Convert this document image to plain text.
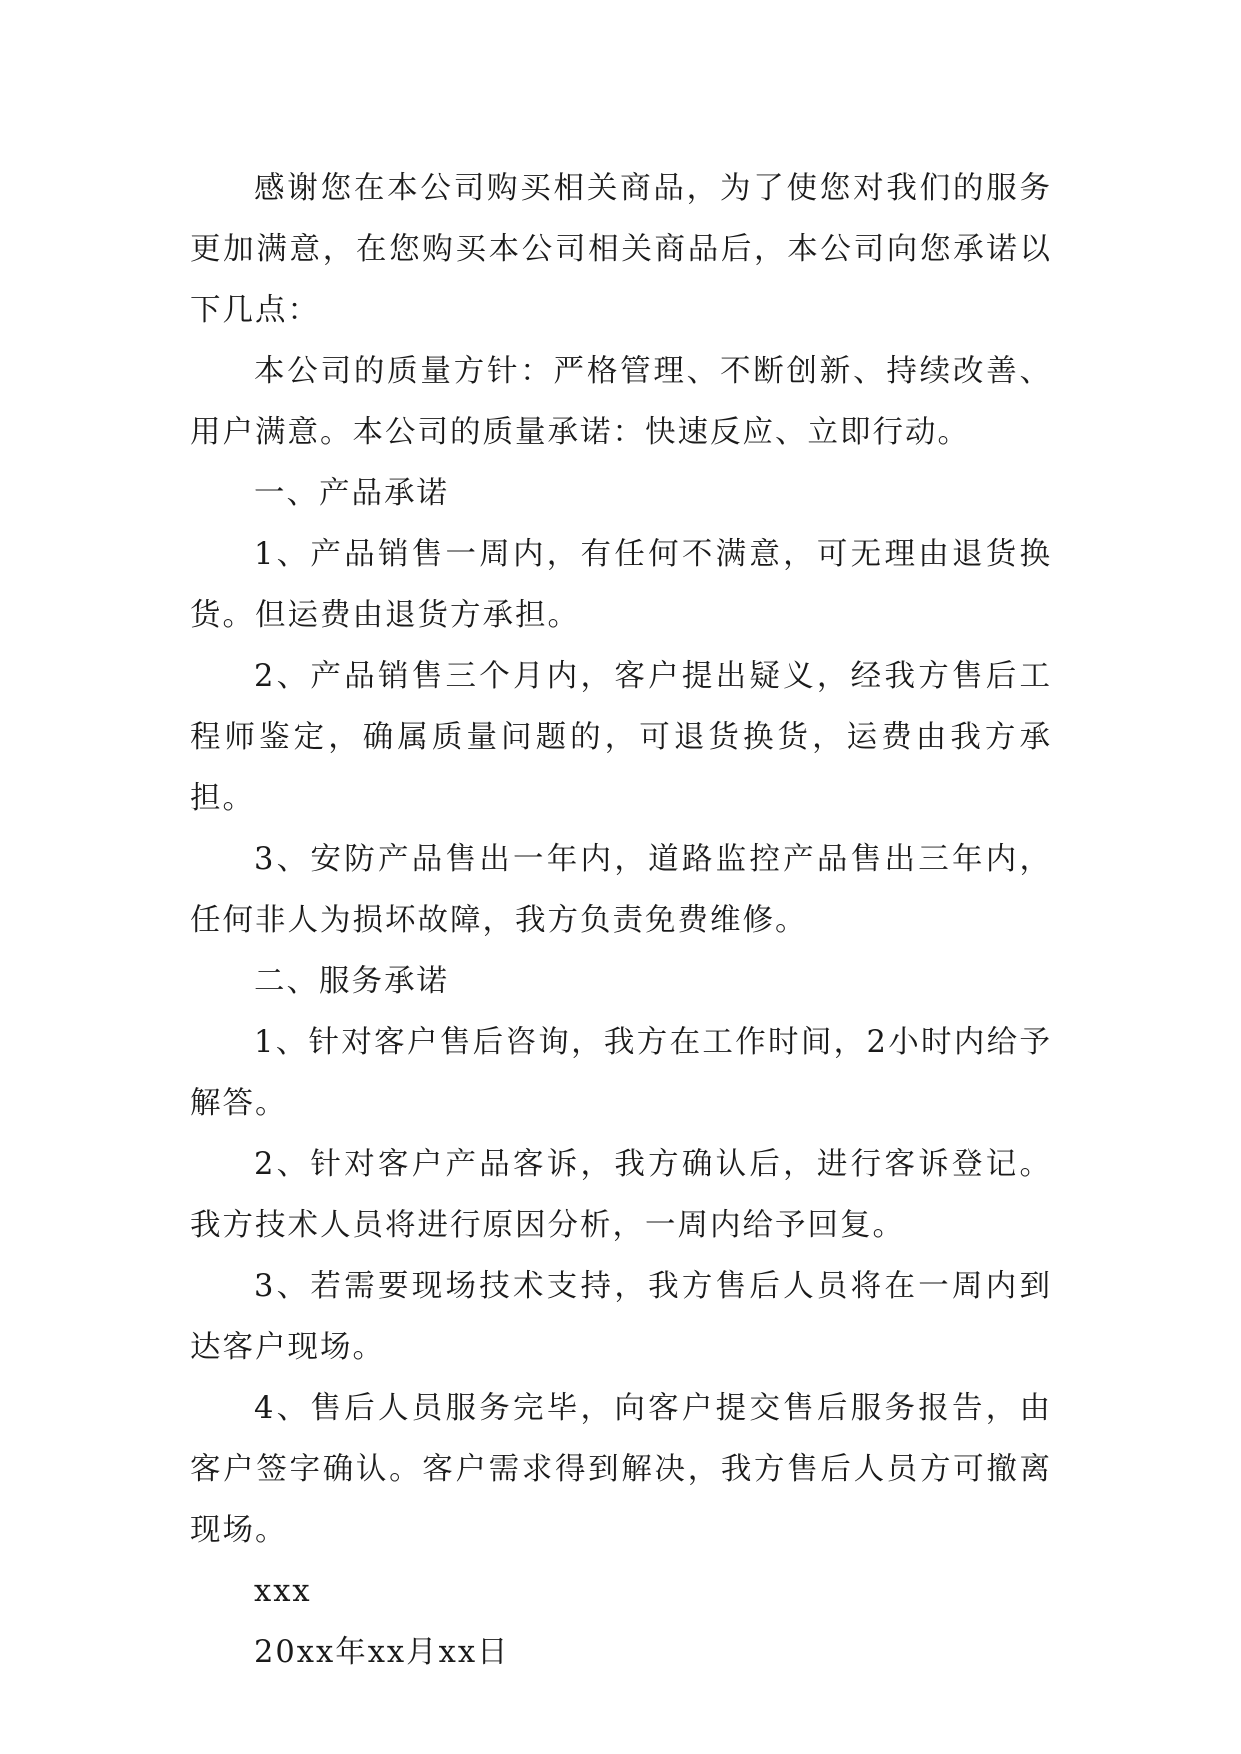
感谢您在本公司购买相关商品，为了使您对我们的服务更加满意，在您购买本公司相关商品后，本公司向您承诺以下几点：

本公司的质量方针：严格管理、不断创新、持续改善、用户满意。本公司的质量承诺：快速反应、立即行动。

一、产品承诺

1、产品销售一周内，有任何不满意，可无理由退货换货。但运费由退货方承担。

2、产品销售三个月内，客户提出疑义，经我方售后工程师鉴定，确属质量问题的，可退货换货，运费由我方承担。

3、安防产品售出一年内，道路监控产品售出三年内，任何非人为损坏故障，我方负责免费维修。

二、服务承诺

1、针对客户售后咨询，我方在工作时间，2小时内给予解答。

2、针对客户产品客诉，我方确认后，进行客诉登记。我方技术人员将进行原因分析，一周内给予回复。

3、若需要现场技术支持，我方售后人员将在一周内到达客户现场。

4、售后人员服务完毕，向客户提交售后服务报告，由客户签字确认。客户需求得到解决，我方售后人员方可撤离现场。

xxx

20xx年xx月xx日
